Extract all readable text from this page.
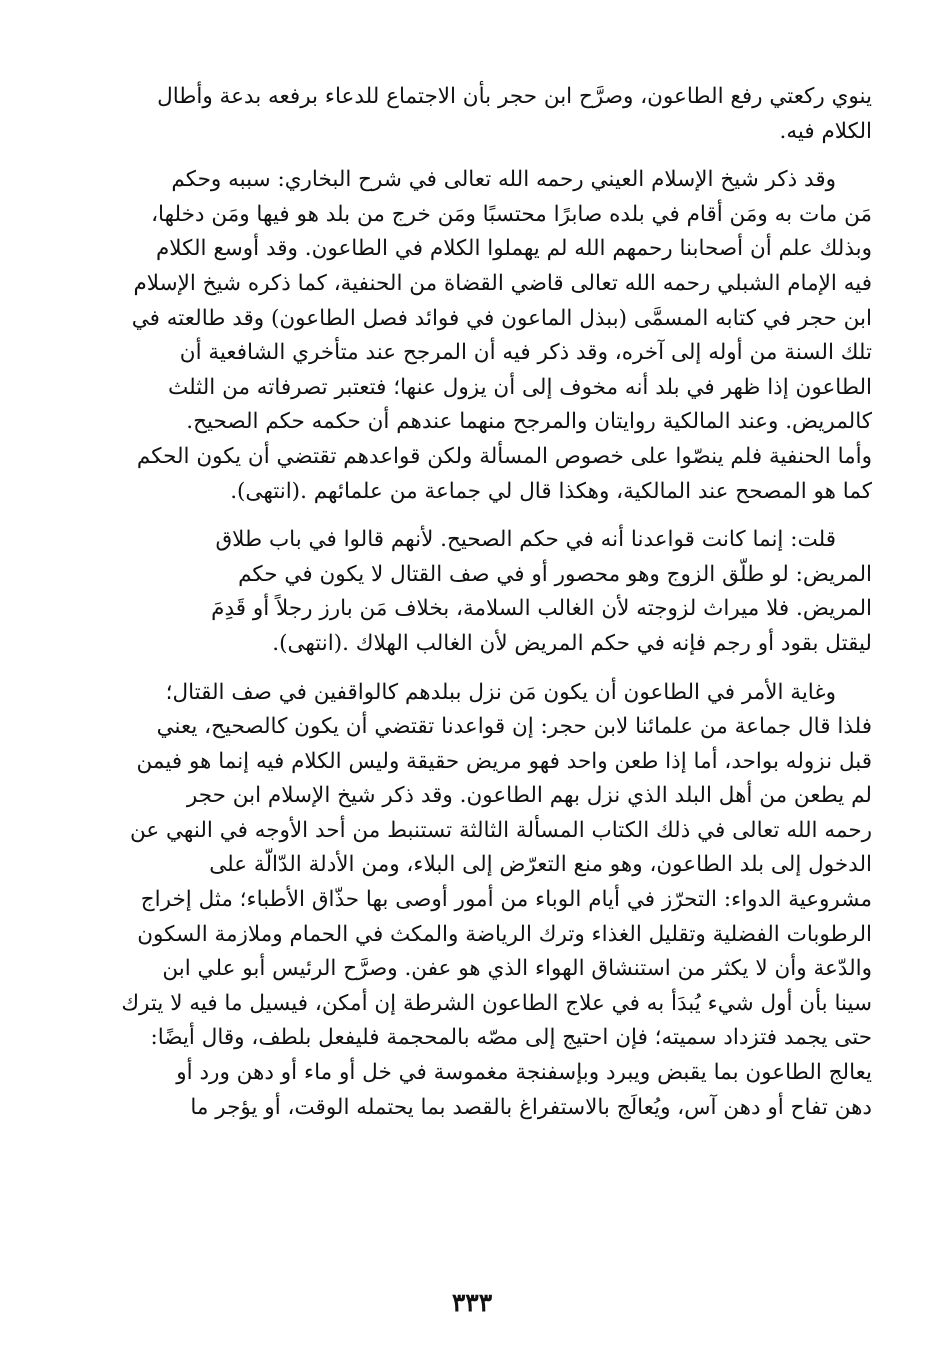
ينوي ركعتي رفع الطاعون، وصرَّح ابن حجر بأن الاجتماع للدعاء برفعه بدعة وأطال
الكلام فيه.

وقد ذكر شيخ الإسلام العيني رحمه الله تعالى في شرح البخاري: سببه وحكم
مَن مات به ومَن أقام في بلده صابرًا محتسبًا ومَن خرج من بلد هو فيها ومَن دخلها،
وبذلك علم أن أصحابنا رحمهم الله لم يهملوا الكلام في الطاعون. وقد أوسع الكلام
فيه الإمام الشبلي رحمه الله تعالى قاضي القضاة من الحنفية، كما ذكره شيخ الإسلام
ابن حجر في كتابه المسمَّى (ببذل الماعون في فوائد فصل الطاعون) وقد طالعته في
تلك السنة من أوله إلى آخره، وقد ذكر فيه أن المرجح عند متأخري الشافعية أن
الطاعون إذا ظهر في بلد أنه مخوف إلى أن يزول عنها؛ فتعتبر تصرفاته من الثلث
كالمريض. وعند المالكية روايتان والمرجح منهما عندهم أن حكمه حكم الصحيح.
وأما الحنفية فلم ينصّوا على خصوص المسألة ولكن قواعدهم تقتضي أن يكون الحكم
كما هو المصحح عند المالكية، وهكذا قال لي جماعة من علمائهم .(انتهى).

قلت: إنما كانت قواعدنا أنه في حكم الصحيح. لأنهم قالوا في باب طلاق
المريض: لو طلَّق الزوج وهو محصور أو في صف القتال لا يكون في حكم
المريض. فلا ميراث لزوجته لأن الغالب السلامة، بخلاف مَن بارز رجلاً أو قَدِمَ
ليقتل بقود أو رجم فإنه في حكم المريض لأن الغالب الهلاك .(انتهى).

وغاية الأمر في الطاعون أن يكون مَن نزل ببلدهم كالواقفين في صف القتال؛
فلذا قال جماعة من علمائنا لابن حجر: إن قواعدنا تقتضي أن يكون كالصحيح، يعني
قبل نزوله بواحد، أما إذا طعن واحد فهو مريض حقيقة وليس الكلام فيه إنما هو فيمن
لم يطعن من أهل البلد الذي نزل بهم الطاعون. وقد ذكر شيخ الإسلام ابن حجر
رحمه الله تعالى في ذلك الكتاب المسألة الثالثة تستنبط من أحد الأوجه في النهي عن
الدخول إلى بلد الطاعون، وهو منع التعرّض إلى البلاء، ومن الأدلة الدّالّة على
مشروعية الدواء: التحرّز في أيام الوباء من أمور أوصى بها حذّاق الأطباء؛ مثل إخراج
الرطوبات الفضلية وتقليل الغذاء وترك الرياضة والمكث في الحمام وملازمة السكون
والدّعة وأن لا يكثر من استنشاق الهواء الذي هو عفن. وصرَّح الرئيس أبو علي ابن
سينا بأن أول شيء يُبدَأ به في علاج الطاعون الشرطة إن أمكن، فيسيل ما فيه لا يترك
حتى يجمد فتزداد سميته؛ فإن احتيج إلى مصّه بالمحجمة فليفعل بلطف، وقال أيضًا:
يعالج الطاعون بما يقبض ويبرد وبإسفنجة مغموسة في خل أو ماء أو دهن ورد أو
دهن تفاح أو دهن آس، ويُعالَج بالاستفراغ بالقصد بما يحتمله الوقت، أو يؤجر ما

٣٣٣
